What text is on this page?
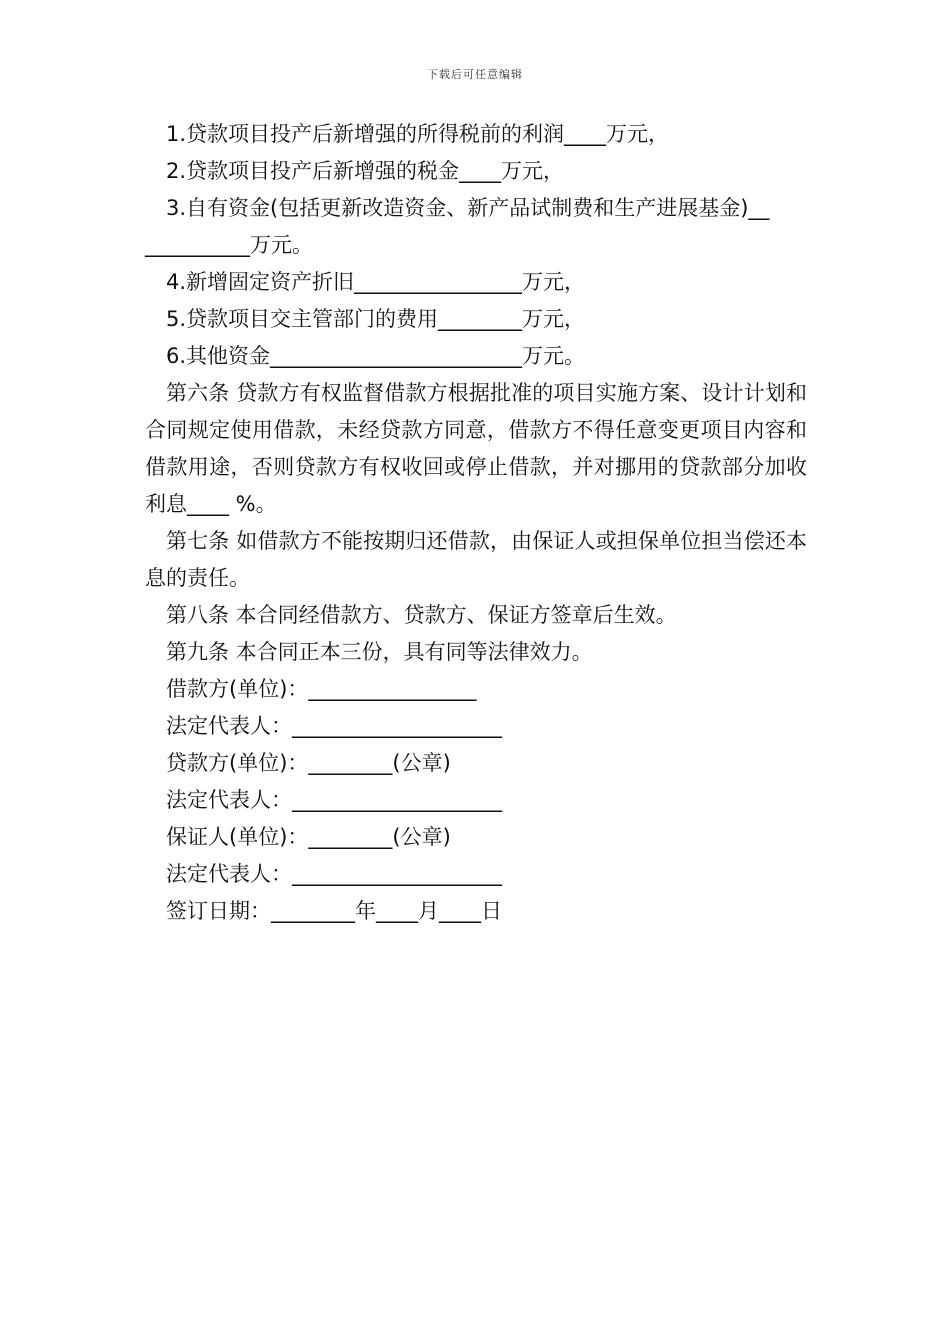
下载后可任意编辑
1.贷款项目投产后新增强的所得税前的利润____万元，
2.贷款项目投产后新增强的税金____万元，
3.自有资金(包括更新改造资金、新产品试制费和生产进展基金)__
__________万元。
4.新增固定资产折旧________________万元，
5.贷款项目交主管部门的费用________万元，
6.其他资金________________________万元。
第六条 贷款方有权监督借款方根据批准的项目实施方案、设计计划和合同规定使用借款，未经贷款方同意，借款方不得任意变更项目内容和借款用途，否则贷款方有权收回或停止借款，并对挪用的贷款部分加收利息____ %。
第七条 如借款方不能按期归还借款，由保证人或担保单位担当偿还本息的责任。
第八条 本合同经借款方、贷款方、保证方签章后生效。
第九条 本合同正本三份，具有同等法律效力。
借款方(单位)：________________
法定代表人：____________________
贷款方(单位)：________(公章)
法定代表人：____________________
保证人(单位)：________(公章)
法定代表人：____________________
签订日期：________年____月____日
